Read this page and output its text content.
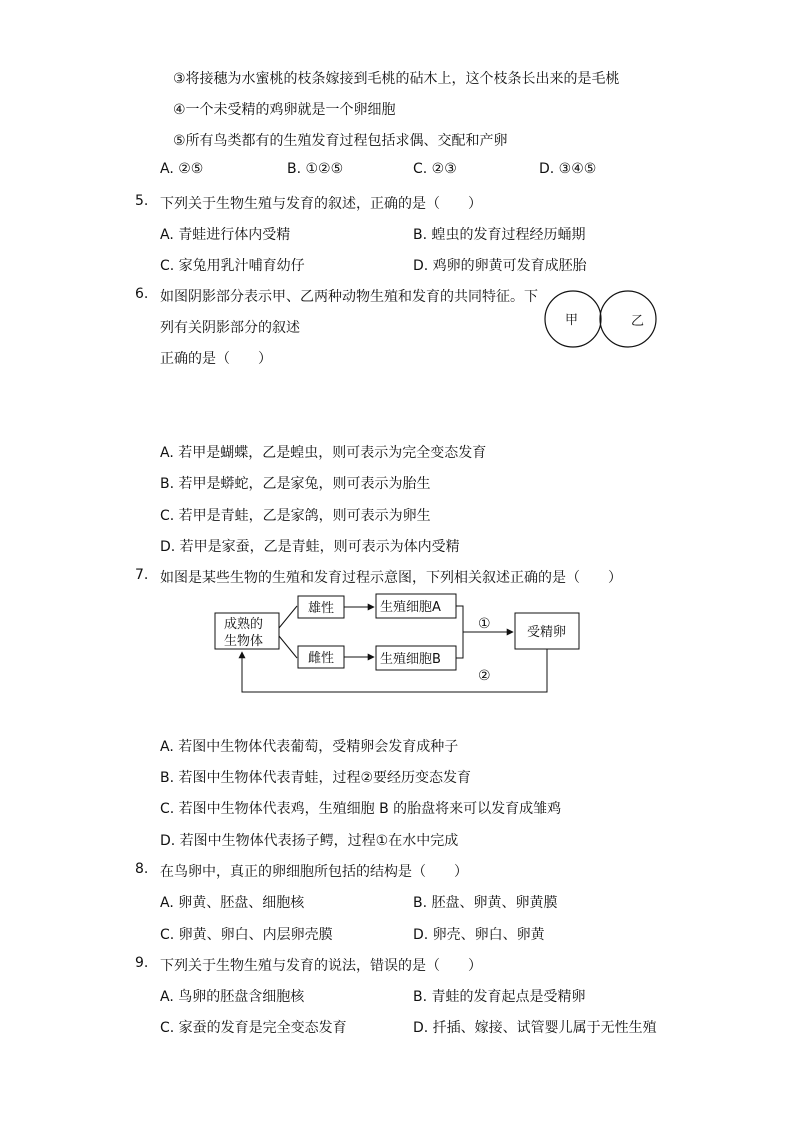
③将接穗为水蜜桃的枝条嫁接到毛桃的砧木上，这个枝条长出来的是毛桃
④一个未受精的鸡卵就是一个卵细胞
⑤所有鸟类都有的生殖发育过程包括求偶、交配和产卵
A. ②⑤	B. ①②⑤	C. ②③	D. ③④⑤
5. 下列关于生物生殖与发育的叙述，正确的是（　　）
A. 青蛙进行体内受精	B. 蝗虫的发育过程经历蛹期
C. 家兔用乳汁哺育幼仔	D. 鸡卵的卵黄可发育成胚胎
6. 如图阴影部分表示甲、乙两种动物生殖和发育的共同特征。下
列有关阴影部分的叙述
正确的是（　　）
甲	乙
A. 若甲是蝴蝶，乙是蝗虫，则可表示为完全变态发育
B. 若甲是蟒蛇，乙是家兔，则可表示为胎生
C. 若甲是青蛙，乙是家鸽，则可表示为卵生
D. 若甲是家蚕，乙是青蛙，则可表示为体内受精
7. 如图是某些生物的生殖和发育过程示意图，下列相关叙述正确的是（　　）
成熟的
生物体
雄性
雌性
生殖细胞A
生殖细胞B
①
受精卵
②
A. 若图中生物体代表葡萄，受精卵会发育成种子
B. 若图中生物体代表青蛙，过程②要经历变态发育
C. 若图中生物体代表鸡，生殖细胞 B 的胎盘将来可以发育成雏鸡
D. 若图中生物体代表扬子鳄，过程①在水中完成
8. 在鸟卵中，真正的卵细胞所包括的结构是（　　）
A. 卵黄、胚盘、细胞核	B. 胚盘、卵黄、卵黄膜
C. 卵黄、卵白、内层卵壳膜	D. 卵壳、卵白、卵黄
9. 下列关于生物生殖与发育的说法，错误的是（　　）
A. 鸟卵的胚盘含细胞核	B. 青蛙的发育起点是受精卵
C. 家蚕的发育是完全变态发育	D. 扦插、嫁接、试管婴儿属于无性生殖
